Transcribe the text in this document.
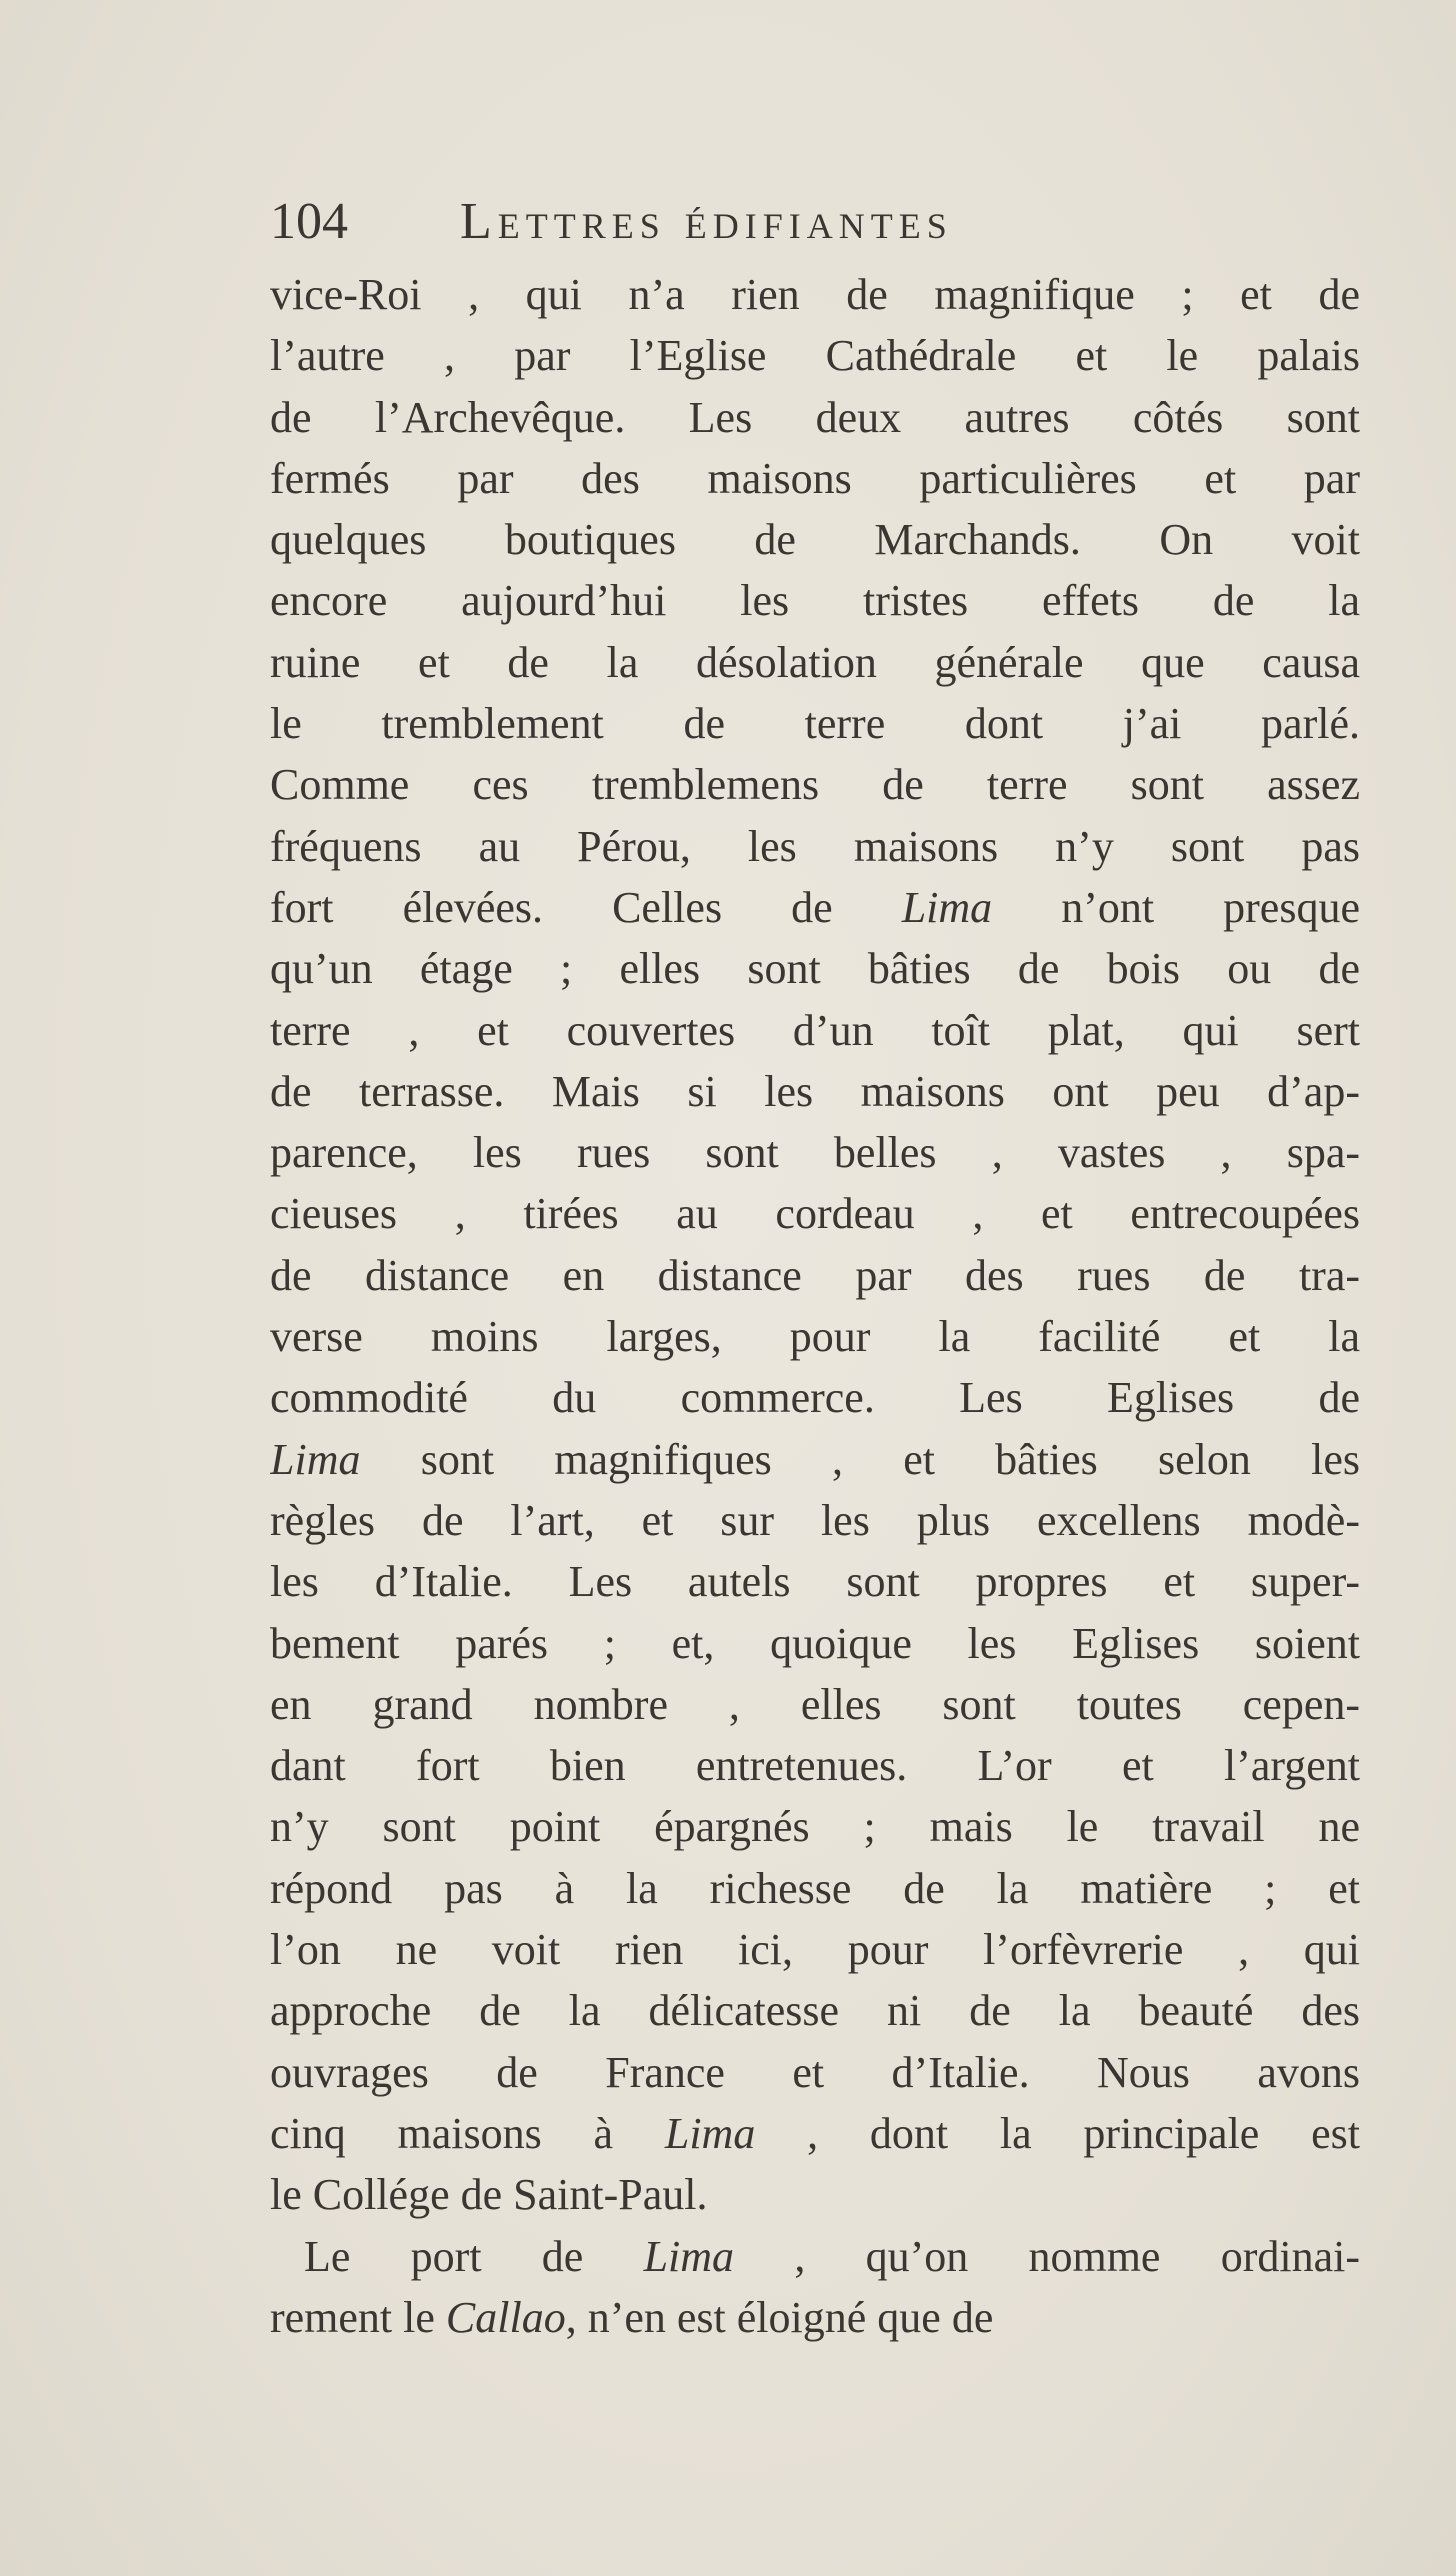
104 Lettres édifiantes
vice-Roi , qui n’a rien de magnifique ; et de
l’autre , par l’Eglise Cathédrale et le palais
de l’Archevêque. Les deux autres côtés sont
fermés par des maisons particulières et par
quelques boutiques de Marchands. On voit
encore aujourd’hui les tristes effets de la
ruine et de la désolation générale que causa
le tremblement de terre dont j’ai parlé.
Comme ces tremblemens de terre sont assez
fréquens au Pérou, les maisons n’y sont pas
fort élevées. Celles de Lima n’ont presque
qu’un étage ; elles sont bâties de bois ou de
terre , et couvertes d’un toît plat, qui sert
de terrasse. Mais si les maisons ont peu d’ap-
parence, les rues sont belles , vastes , spa-
cieuses , tirées au cordeau , et entrecoupées
de distance en distance par des rues de tra-
verse moins larges, pour la facilité et la
commodité du commerce. Les Eglises de
Lima sont magnifiques , et bâties selon les
règles de l’art, et sur les plus excellens modè-
les d’Italie. Les autels sont propres et super-
bement parés ; et, quoique les Eglises soient
en grand nombre , elles sont toutes cepen-
dant fort bien entretenues. L’or et l’argent
n’y sont point épargnés ; mais le travail ne
répond pas à la richesse de la matière ; et
l’on ne voit rien ici, pour l’orfèvrerie , qui
approche de la délicatesse ni de la beauté des
ouvrages de France et d’Italie. Nous avons
cinq maisons à Lima , dont la principale est
le Collége de Saint-Paul.
Le port de Lima , qu’on nomme ordinai-
rement le Callao, n’en est éloigné que de
